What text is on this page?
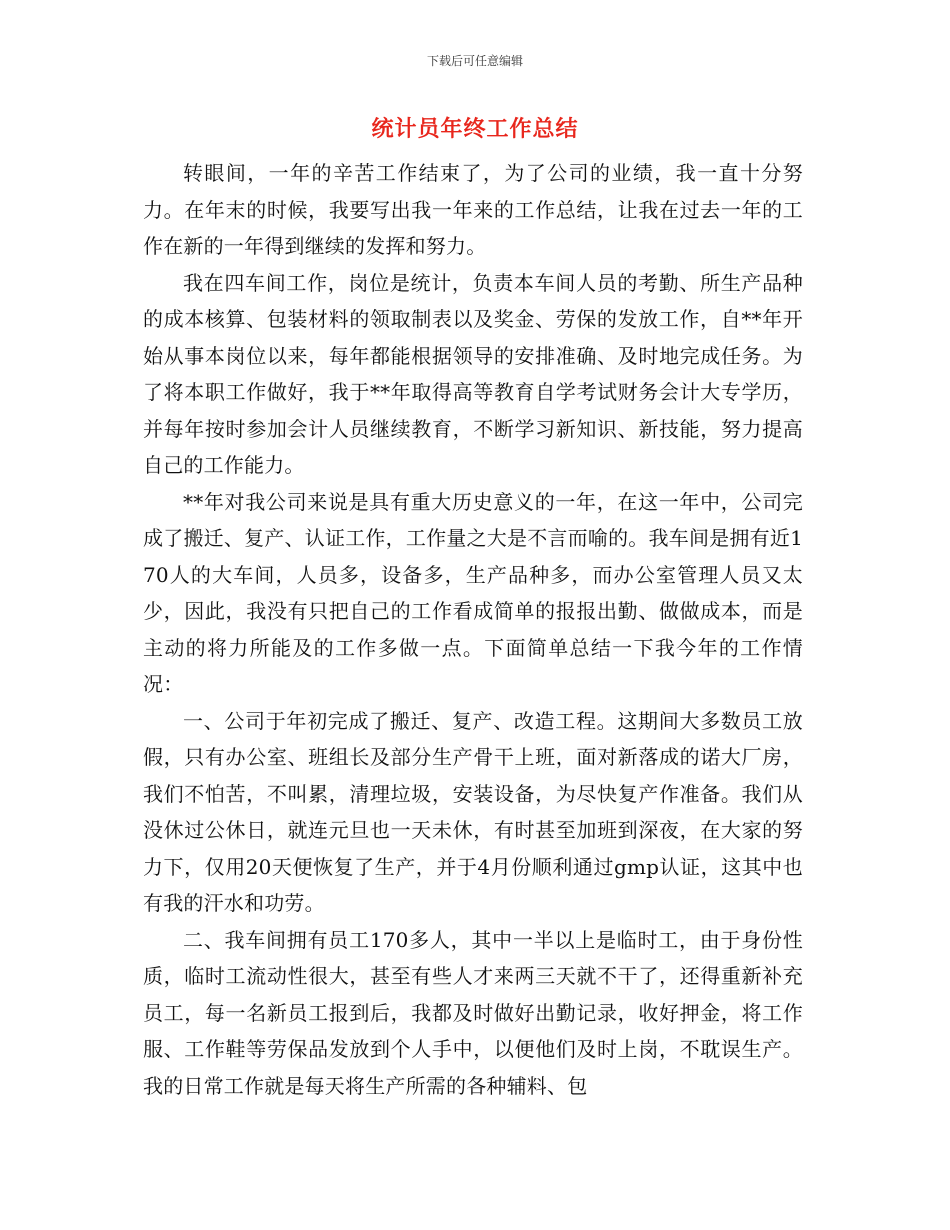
下载后可任意编辑
统计员年终工作总结

转眼间，一年的辛苦工作结束了，为了公司的业绩，我一直十分努力。在年末的时候，我要写出我一年来的工作总结，让我在过去一年的工作在新的一年得到继续的发挥和努力。

我在四车间工作，岗位是统计，负责本车间人员的考勤、所生产品种的成本核算、包装材料的领取制表以及奖金、劳保的发放工作，自**年开始从事本岗位以来，每年都能根据领导的安排准确、及时地完成任务。为了将本职工作做好，我于**年取得高等教育自学考试财务会计大专学历，并每年按时参加会计人员继续教育，不断学习新知识、新技能，努力提高自己的工作能力。

**年对我公司来说是具有重大历史意义的一年，在这一年中，公司完成了搬迁、复产、认证工作，工作量之大是不言而喻的。我车间是拥有近170人的大车间，人员多，设备多，生产品种多，而办公室管理人员又太少，因此，我没有只把自己的工作看成简单的报报出勤、做做成本，而是主动的将力所能及的工作多做一点。下面简单总结一下我今年的工作情况：

一、公司于年初完成了搬迁、复产、改造工程。这期间大多数员工放假，只有办公室、班组长及部分生产骨干上班，面对新落成的诺大厂房，我们不怕苦，不叫累，清理垃圾，安装设备，为尽快复产作准备。我们从没休过公休日，就连元旦也一天未休，有时甚至加班到深夜，在大家的努力下，仅用20天便恢复了生产，并于4月份顺利通过gmp认证，这其中也有我的汗水和功劳。

二、我车间拥有员工170多人，其中一半以上是临时工，由于身份性质，临时工流动性很大，甚至有些人才来两三天就不干了，还得重新补充员工，每一名新员工报到后，我都及时做好出勤记录，收好押金，将工作服、工作鞋等劳保品发放到个人手中，以便他们及时上岗，不耽误生产。我的日常工作就是每天将生产所需的各种辅料、包
